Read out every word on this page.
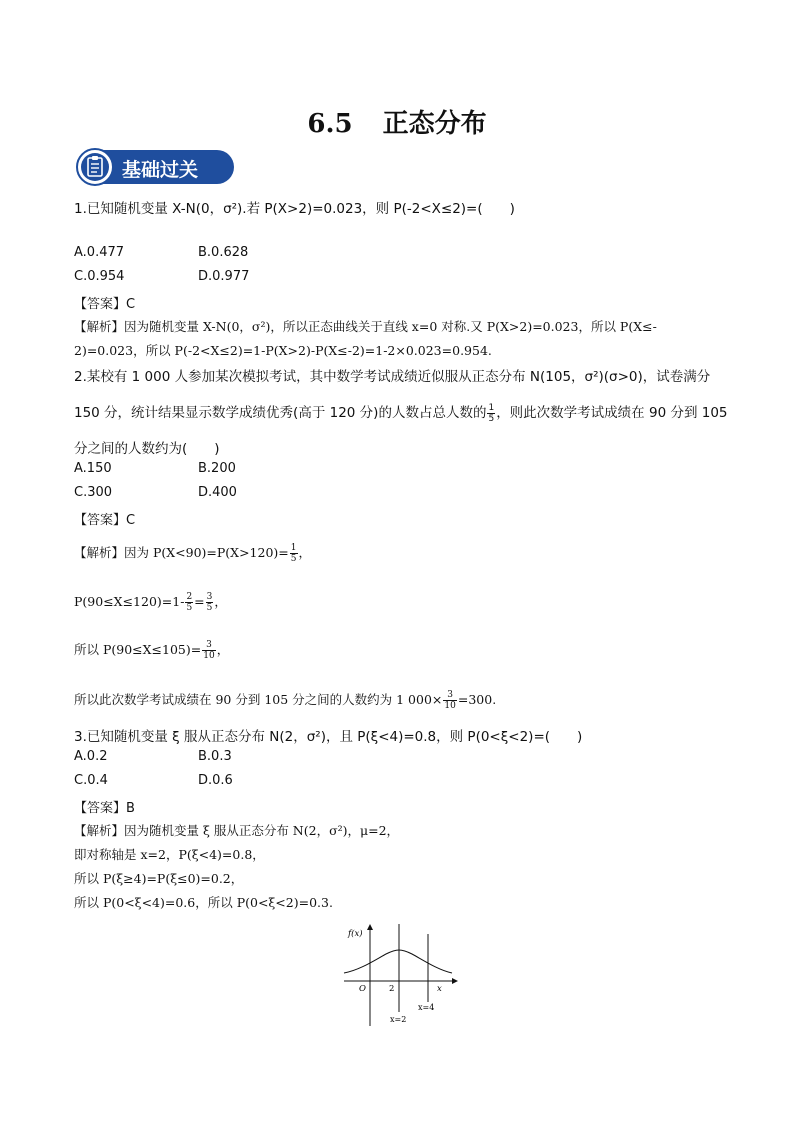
6.5 正态分布
基础过关
1.已知随机变量 X-N(0，σ²).若 P(X>2)=0.023，则 P(-2<X≤2)=(　　)
A.0.477	B.0.628
C.0.954	D.0.977
【答案】C
【解析】因为随机变量 X-N(0，σ²)，所以正态曲线关于直线 x=0 对称.又 P(X>2)=0.023，所以 P(X≤-
2)=0.023，所以 P(-2<X≤2)=1-P(X>2)-P(X≤-2)=1-2×0.023=0.954.
2.某校有 1 000 人参加某次模拟考试，其中数学考试成绩近似服从正态分布 N(105，σ²)(σ>0)，试卷满分
150 分，统计结果显示数学成绩优秀(高于 120 分)的人数占总人数的 $\frac{1}{5}$ ，则此次数学考试成绩在 90 分到 105
分之间的人数约为(　　)
A.150	B.200
C.300	D.400
【答案】C
【解析】因为 $P(X<90)=P(X>120)= \frac{1}{5}$ ，
$P(90\le X\le 120)=1- \frac{2}{5} = \frac{3}{5}$ ，
所以 $P(90\le X\le 105)= \frac{3}{10}$ ，
所以此次数学考试成绩在 90 分到 105 分之间的人数约为 1 $000\times \frac{3}{10} =300$.
3.已知随机变量 ξ 服从正态分布 N(2，σ²)，且 P(ξ<4)=0.8，则 P(0<ξ<2)=(　　)
A.0.2	B.0.3
C.0.4	D.0.6
【答案】B
【解析】因为随机变量 ξ 服从正态分布 N(2，σ²)，μ=2，
即对称轴是 x=2，P(ξ<4)=0.8，
所以 P(ξ≥4)=P(ξ≤0)=0.2，
所以 P(0<ξ<4)=0.6，所以 P(0<ξ<2)=0.3.
f(x)
O	2	x
x=2
x=4
